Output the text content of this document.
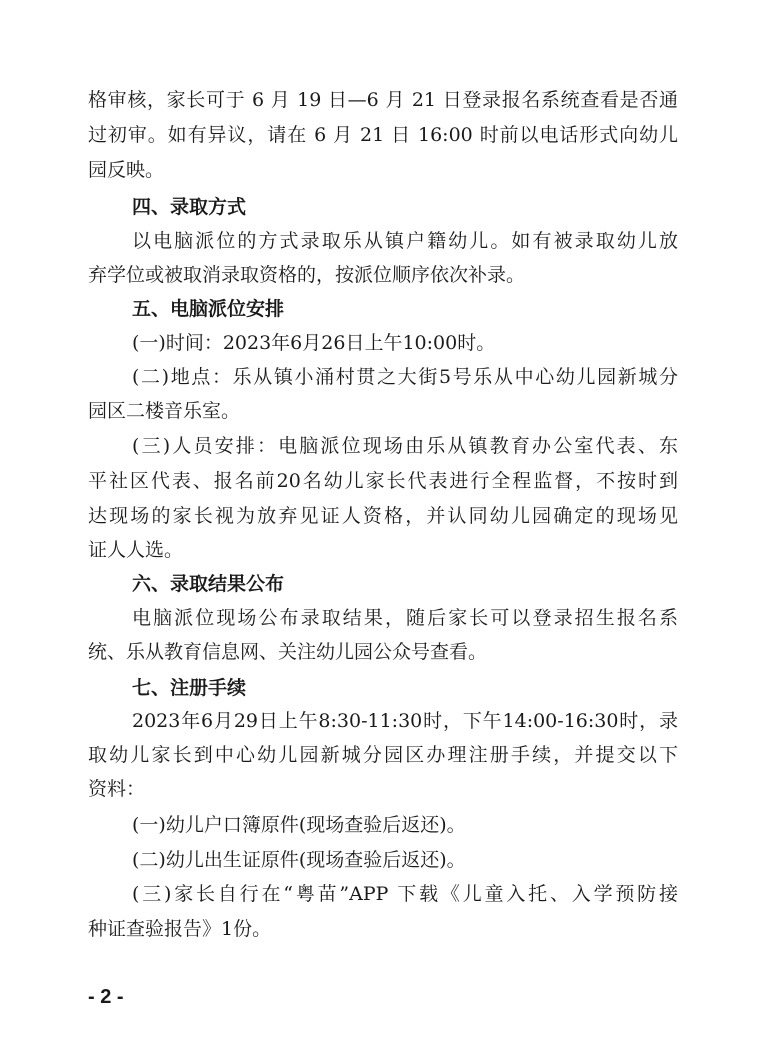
格审核，家长可于 6 月 19 日—6 月 21 日登录报名系统查看是否通
过初审。如有异议，请在 6 月 21 日 16:00 时前以电话形式向幼儿
园反映。
四、录取方式
以电脑派位的方式录取乐从镇户籍幼儿。如有被录取幼儿放
弃学位或被取消录取资格的，按派位顺序依次补录。
五、电脑派位安排
(一)时间：2023年6月26日上午10:00时。
(二)地点：乐从镇小涌村贯之大街5号乐从中心幼儿园新城分
园区二楼音乐室。
(三)人员安排：电脑派位现场由乐从镇教育办公室代表、东
平社区代表、报名前20名幼儿家长代表进行全程监督，不按时到
达现场的家长视为放弃见证人资格，并认同幼儿园确定的现场见
证人人选。
六、录取结果公布
电脑派位现场公布录取结果，随后家长可以登录招生报名系
统、乐从教育信息网、关注幼儿园公众号查看。
七、注册手续
2023年6月29日上午8:30-11:30时，下午14:00-16:30时，录
取幼儿家长到中心幼儿园新城分园区办理注册手续，并提交以下
资料：
(一)幼儿户口簿原件(现场查验后返还)。
(二)幼儿出生证原件(现场查验后返还)。
(三)家长自行在“粤苗”APP 下载《儿童入托、入学预防接
种证查验报告》1份。
- 2 -
